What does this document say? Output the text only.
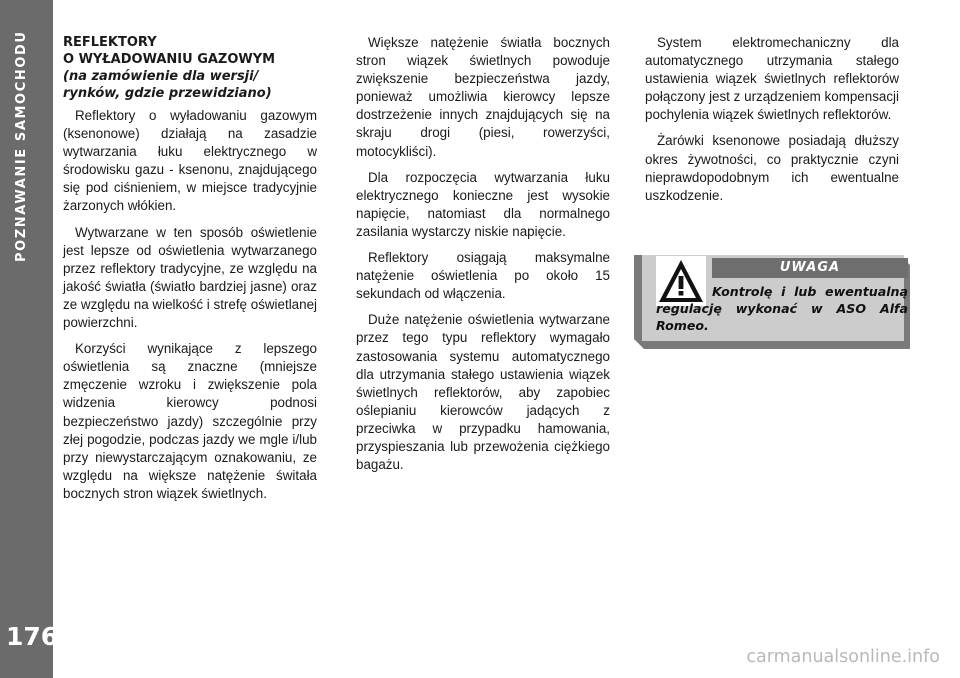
POZNAWANIE SAMOCHODU
176
REFLEKTORY
O WYŁADOWANIU GAZOWYM
(na zamówienie dla wersji/
rynków, gdzie przewidziano)

Reflektory o wyładowaniu gazowym (ksenonowe) działają na zasadzie wytwarzania łuku elektrycznego w środowisku gazu - ksenonu, znajdującego się pod ciśnieniem, w miejsce tradycyjnie żarzonych włókien.

Wytwarzane w ten sposób oświetlenie jest lepsze od oświetlenia wytwarzanego przez reflektory tradycyjne, ze względu na jakość światła (światło bardziej jasne) oraz ze względu na wielkość i strefę oświetlanej powierzchni.

Korzyści wynikające z lepszego oświetlenia są znaczne (mniejsze zmęczenie wzroku i zwiększenie pola widzenia kierowcy podnosi bezpieczeństwo jazdy) szczególnie przy złej pogodzie, podczas jazdy we mgle i/lub przy niewystarczającym oznakowaniu, ze względu na większe natężenie świtała bocznych stron wiązek świetlnych.

Większe natężenie światła bocznych stron wiązek świetlnych powoduje zwiększenie bezpieczeństwa jazdy, ponieważ umożliwia kierowcy lepsze dostrzeżenie innych znajdujących się na skraju drogi (piesi, rowerzyści, motocykliści).

Dla rozpoczęcia wytwarzania łuku elektrycznego konieczne jest wysokie napięcie, natomiast dla normalnego zasilania wystarczy niskie napięcie.

Reflektory osiągają maksymalne natężenie oświetlenia po około 15 sekundach od włączenia.

Duże natężenie oświetlenia wytwarzane przez tego typu reflektory wymagało zastosowania systemu automatycznego dla utrzymania stałego ustawienia wiązek świetlnych reflektorów, aby zapobiec oślepianiu kierowców jadących z przeciwka w przypadku hamowania, przyspieszania lub przewożenia ciężkiego bagażu.

System elektromechaniczny dla automatycznego utrzymania stałego ustawienia wiązek świetlnych reflektorów połączony jest z urządzeniem kompensacji pochylenia wiązek świetlnych reflektorów.

Żarówki ksenonowe posiadają dłuższy okres żywotności, co praktycznie czyni nieprawdopodobnym ich ewentualne uszkodzenie.

UWAGA
Kontrolę i lub ewentualną regulację wykonać w ASO Alfa Romeo.
carmanualsonline.info
